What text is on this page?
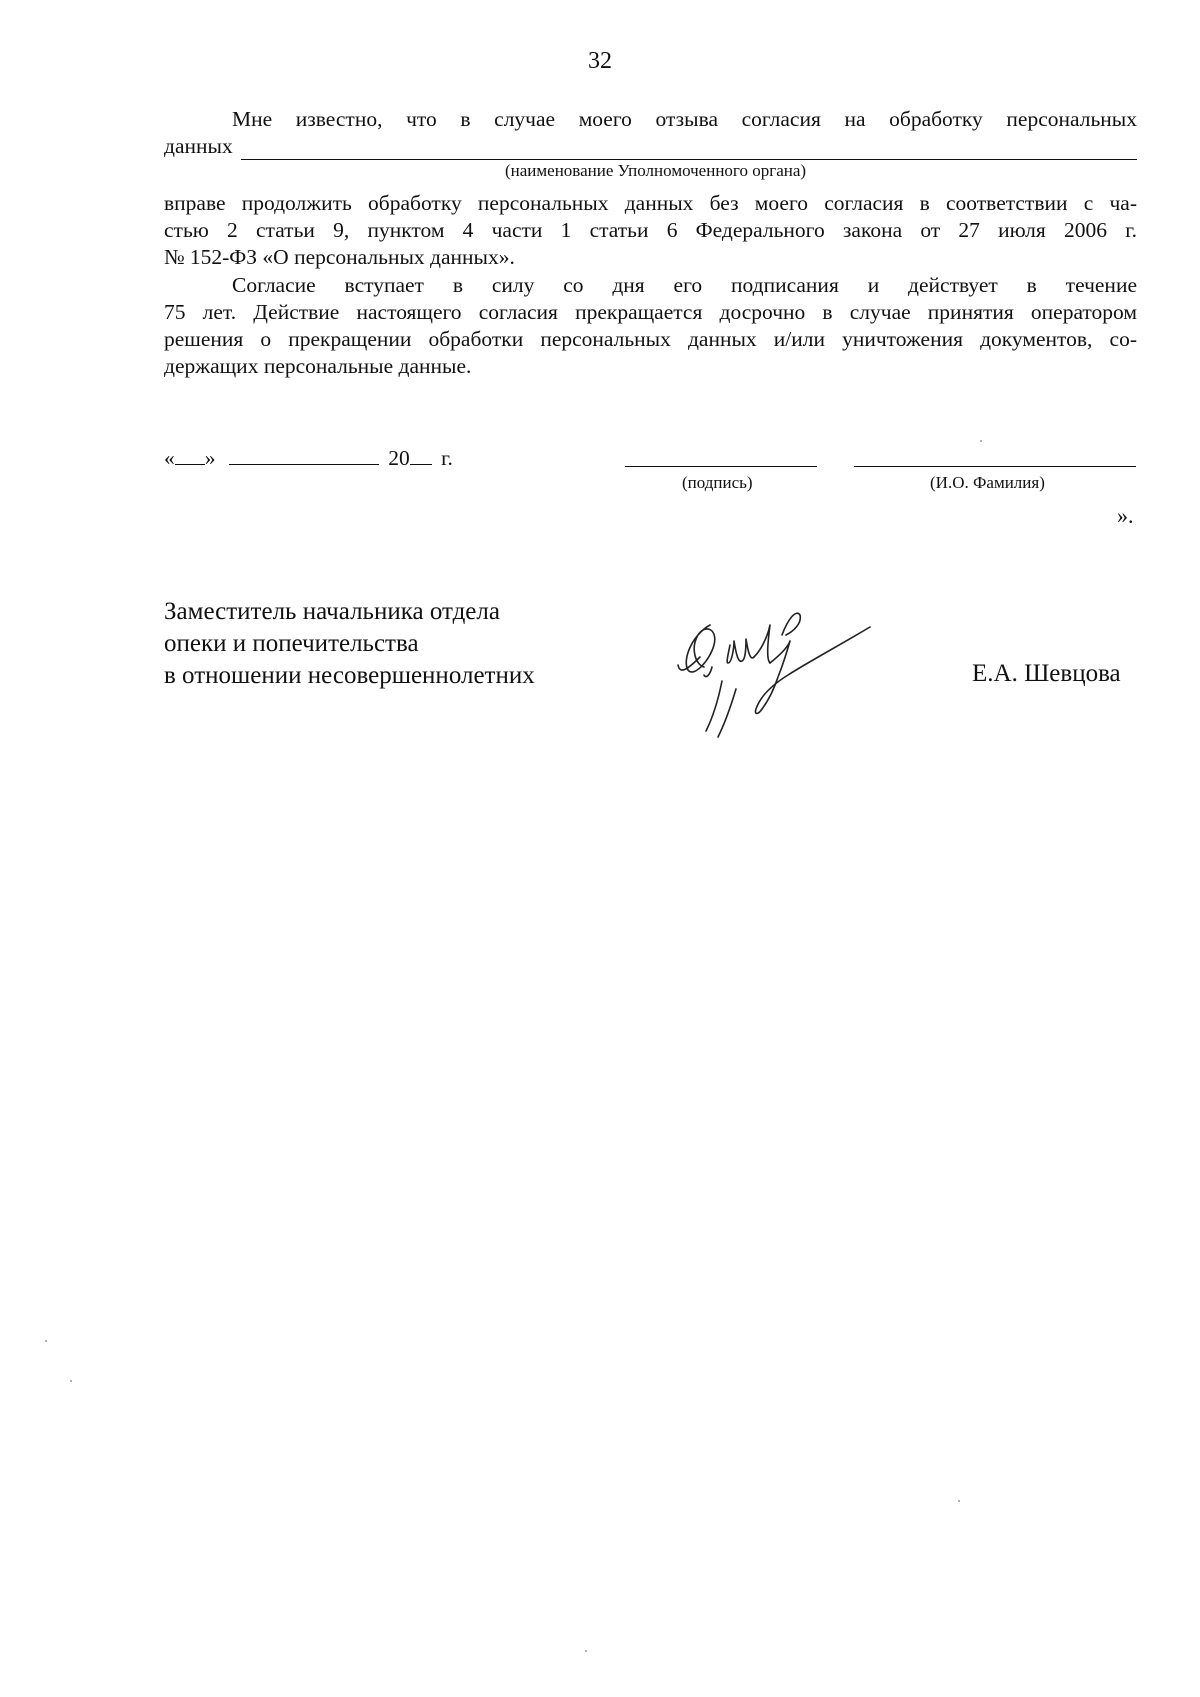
32
Мне известно, что в случае моего отзыва согласия на обработку персональных
данных
(наименование Уполномоченного органа)
вправе продолжить обработку персональных данных без моего согласия в соответствии с ча-
стью 2 статьи 9, пунктом 4 части 1 статьи 6 Федерального закона от 27 июля 2006 г.
№ 152-ФЗ «О персональных данных».
Согласие вступает в силу со дня его подписания и действует в течение
75 лет. Действие настоящего согласия прекращается досрочно в случае принятия оператором
решения о прекращении обработки персональных данных и/или уничтожения документов, со-
держащих персональные данные.
« »	20 г.
(подпись)	(И.О. Фамилия)
».
Заместитель начальника отдела
опеки и попечительства
в отношении несовершеннолетних	Е.А. Шевцова
